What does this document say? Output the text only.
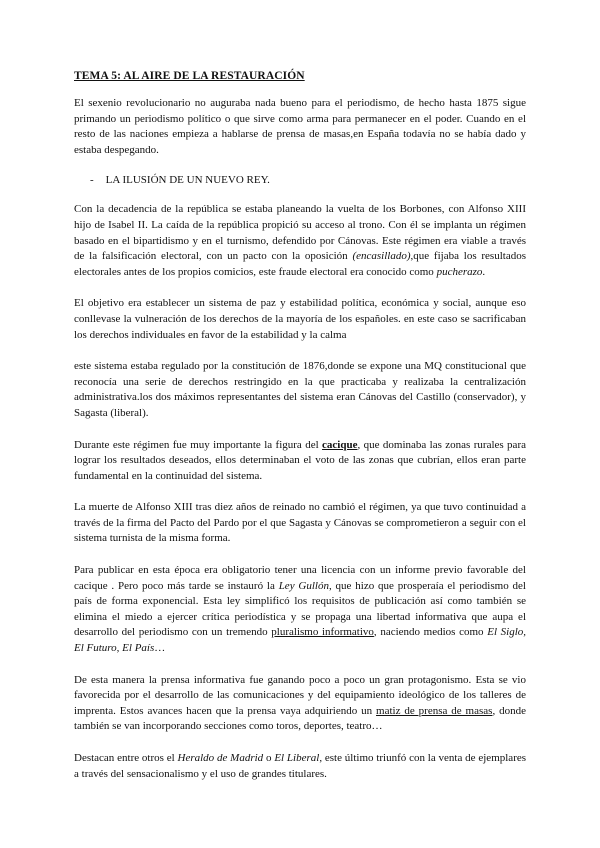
TEMA 5: AL AIRE DE LA RESTAURACIÓN

El sexenio revolucionario no auguraba nada bueno para el periodismo, de hecho hasta 1875 sigue primando un periodismo político o que sirve como arma para permanecer en el poder. Cuando en el resto de las naciones empieza a hablarse de prensa de masas,en España todavía no se había dado y estaba despegando.

- LA ILUSIÓN DE UN NUEVO REY.

Con la decadencia de la república se estaba planeando la vuelta de los Borbones, con Alfonso XIII hijo de Isabel II. La caída de la república propició su acceso al trono. Con él se implanta un régimen basado en el bipartidismo y en el turnismo, defendido por Cánovas. Este régimen era viable a través de la falsificación electoral, con un pacto con la oposición (encasillado),que fijaba los resultados electorales antes de los propios comicios, este fraude electoral era conocido como pucherazo.

El objetivo era establecer un sistema de paz y estabilidad política, económica y social, aunque eso conllevase la vulneración de los derechos de la mayoría de los españoles. en este caso se sacrificaban los derechos individuales en favor de la estabilidad y la calma

este sistema estaba regulado por la constitución de 1876,donde se expone una MQ constitucional que reconocía una serie de derechos restringido en la que practicaba y realizaba la centralización administrativa.los dos máximos representantes del sistema eran Cánovas del Castillo (conservador), y Sagasta (liberal).

Durante este régimen fue muy importante la figura del cacique, que dominaba las zonas rurales para lograr los resultados deseados, ellos determinaban el voto de las zonas que cubrían, ellos eran parte fundamental en la continuidad del sistema.

La muerte de Alfonso XIII tras diez años de reinado no cambió el régimen, ya que tuvo continuidad a través de la firma del Pacto del Pardo por el que Sagasta y Cánovas se comprometieron a seguir con el sistema turnista de la misma forma.

Para publicar en esta época era obligatorio tener una licencia con un informe previo favorable del cacique . Pero poco más tarde se instauró la Ley Gullón, que hizo que prosperaía el periodismo del país de forma exponencial. Esta ley simplificó los requisitos de publicación así como también se elimina el miedo a ejercer crítica periodística y se propaga una libertad informativa que aupa el desarrollo del periodismo con un tremendo pluralismo informativo, naciendo medios como El Siglo, El Futuro, El País…

De esta manera la prensa informativa fue ganando poco a poco un gran protagonismo. Esta se vio favorecida por el desarrollo de las comunicaciones y del equipamiento ideológico de los talleres de imprenta. Estos avances hacen que la prensa vaya adquiriendo un matiz de prensa de masas, donde también se van incorporando secciones como toros, deportes, teatro…

Destacan entre otros el Heraldo de Madrid o El Liberal, este último triunfó con la venta de ejemplares a través del sensacionalismo y el uso de grandes titulares.
